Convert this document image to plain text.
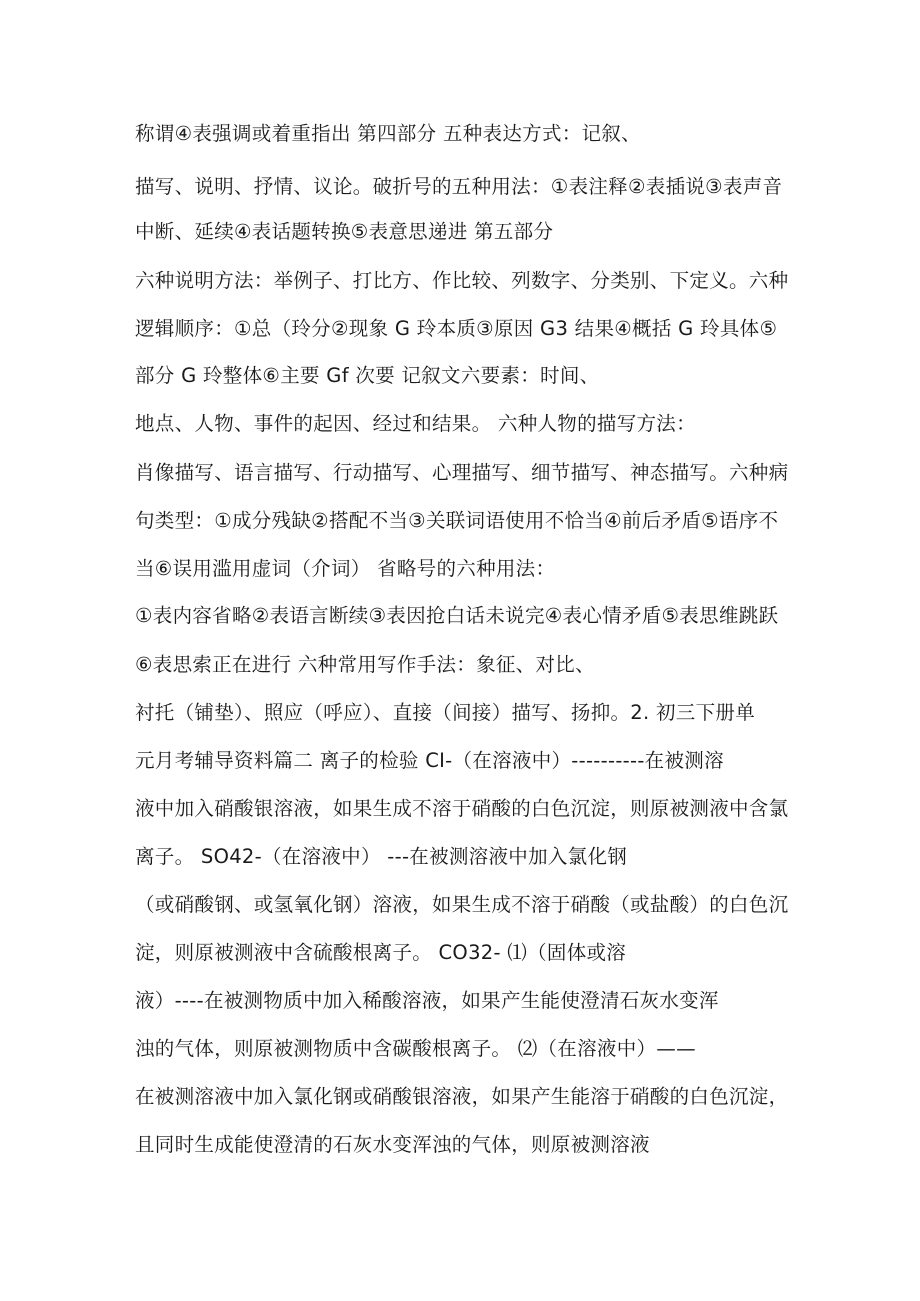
称谓④表强调或着重指出 第四部分 五种表达方式：记叙、
描写、说明、抒情、议论。破折号的五种用法：①表注释②表插说③表声音
中断、延续④表话题转换⑤表意思递进 第五部分
六种说明方法：举例子、打比方、作比较、列数字、分类别、下定义。六种
逻辑顺序：①总（玲分②现象 G 玲本质③原因 G3 结果④概括 G 玲具体⑤
部分 G 玲整体⑥主要 Gf 次要 记叙文六要素：时间、
地点、人物、事件的起因、经过和结果。 六种人物的描写方法：
肖像描写、语言描写、行动描写、心理描写、细节描写、神态描写。六种病
句类型：①成分残缺②搭配不当③关联词语使用不恰当④前后矛盾⑤语序不
当⑥误用滥用虚词（介词） 省略号的六种用法：
①表内容省略②表语言断续③表因抢白话未说完④表心情矛盾⑤表思维跳跃
⑥表思索正在进行 六种常用写作手法：象征、对比、
衬托（铺垫）、照应（呼应）、直接（间接）描写、扬抑。2. 初三下册单
元月考辅导资料篇二 离子的检验 CI-（在溶液中）----------在被测溶
液中加入硝酸银溶液，如果生成不溶于硝酸的白色沉淀，则原被测液中含氯
离子。 SO42-（在溶液中） ---在被测溶液中加入氯化钢
（或硝酸钢、或氢氧化钢）溶液，如果生成不溶于硝酸（或盐酸）的白色沉
淀，则原被测液中含硫酸根离子。 CO32- ⑴（固体或溶
液）----在被测物质中加入稀酸溶液，如果产生能使澄清石灰水变浑
浊的气体，则原被测物质中含碳酸根离子。 ⑵（在溶液中）——
在被测溶液中加入氯化钢或硝酸银溶液，如果产生能溶于硝酸的白色沉淀，
且同时生成能使澄清的石灰水变浑浊的气体，则原被测溶液
